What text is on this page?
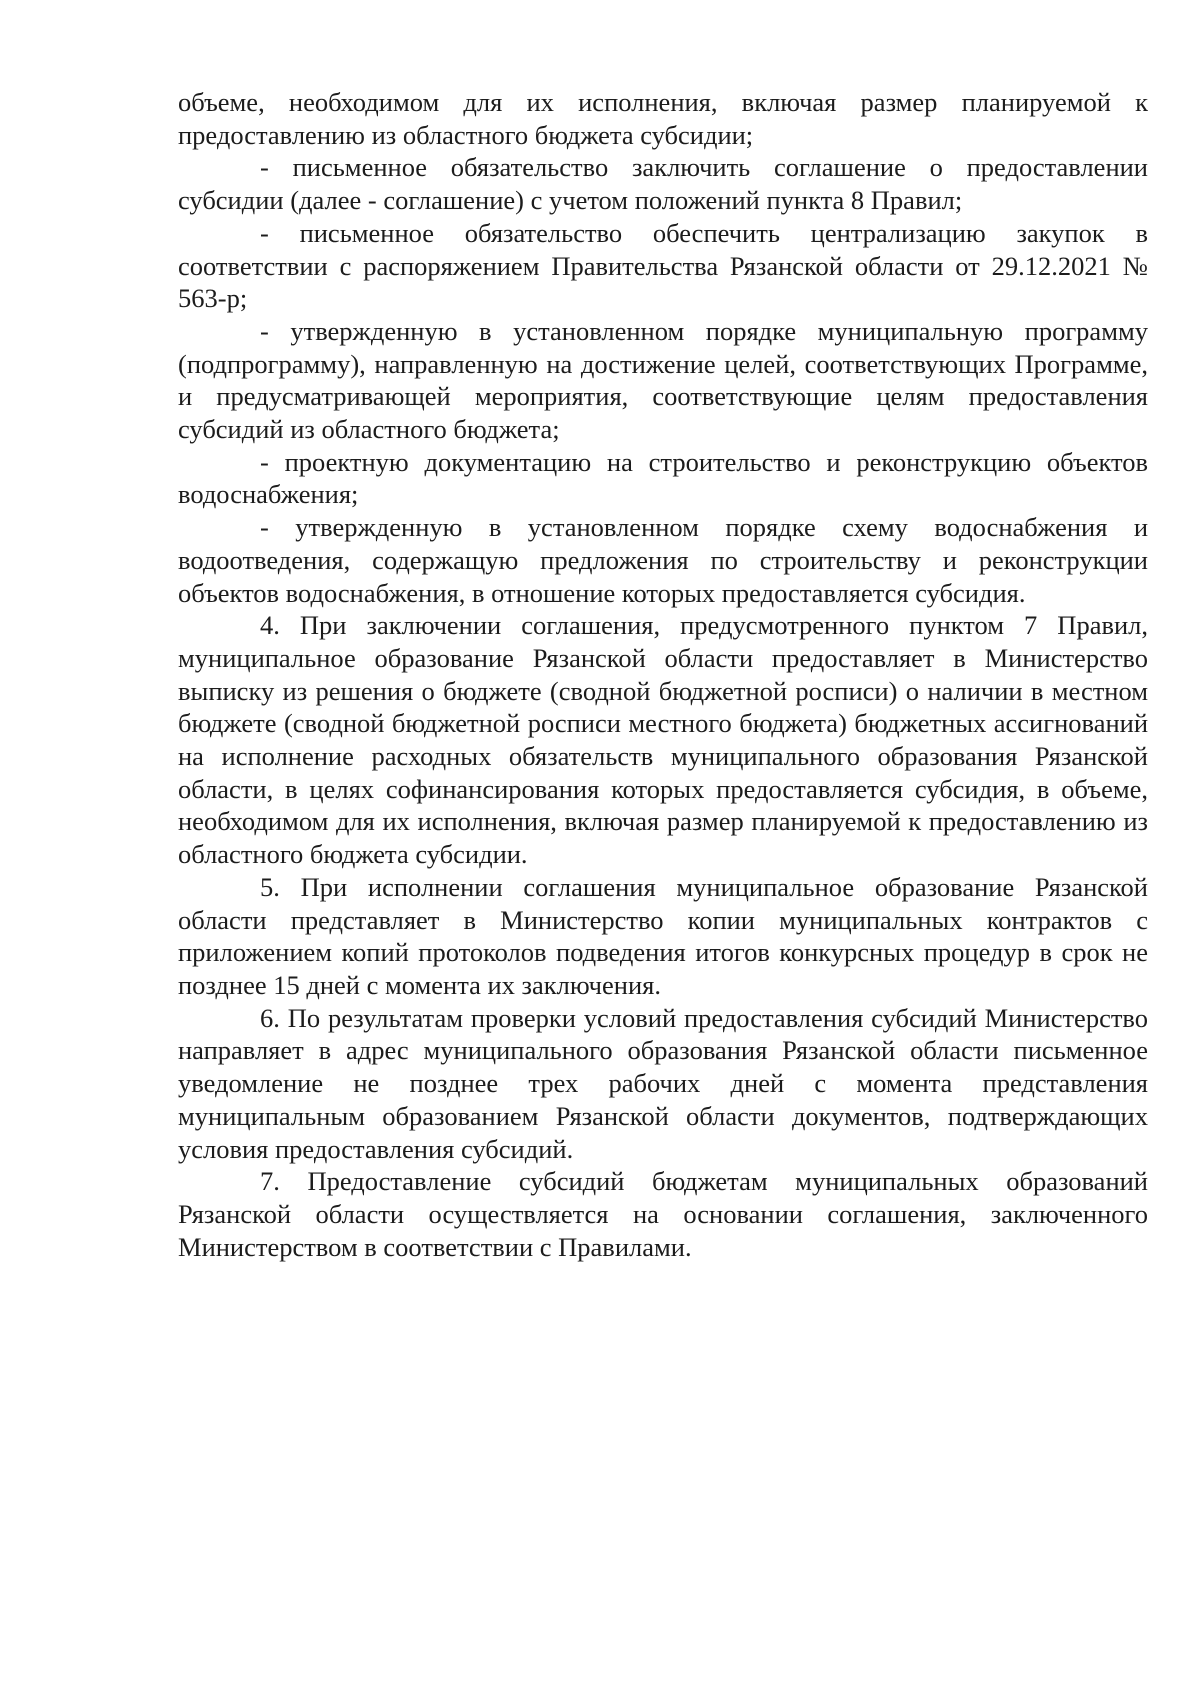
объеме, необходимом для их исполнения, включая размер планируемой к предоставлению из областного бюджета субсидии;

- письменное обязательство заключить соглашение о предоставлении субсидии (далее - соглашение) с учетом положений пункта 8 Правил;

- письменное обязательство обеспечить централизацию закупок в соответствии с распоряжением Правительства Рязанской области от 29.12.2021 № 563-р;

- утвержденную в установленном порядке муниципальную программу (подпрограмму), направленную на достижение целей, соответствующих Программе, и предусматривающей мероприятия, соответствующие целям предоставления субсидий из областного бюджета;

- проектную документацию на строительство и реконструкцию объектов водоснабжения;

- утвержденную в установленном порядке схему водоснабжения и водоотведения, содержащую предложения по строительству и реконструкции объектов водоснабжения, в отношение которых предоставляется субсидия.

4. При заключении соглашения, предусмотренного пунктом 7 Правил, муниципальное образование Рязанской области предоставляет в Министерство выписку из решения о бюджете (сводной бюджетной росписи) о наличии в местном бюджете (сводной бюджетной росписи местного бюджета) бюджетных ассигнований на исполнение расходных обязательств муниципального образования Рязанской области, в целях софинансирования которых предоставляется субсидия, в объеме, необходимом для их исполнения, включая размер планируемой к предоставлению из областного бюджета субсидии.

5. При исполнении соглашения муниципальное образование Рязанской области представляет в Министерство копии муниципальных контрактов с приложением копий протоколов подведения итогов конкурсных процедур в срок не позднее 15 дней с момента их заключения.

6. По результатам проверки условий предоставления субсидий Министерство направляет в адрес муниципального образования Рязанской области письменное уведомление не позднее трех рабочих дней с момента представления муниципальным образованием Рязанской области документов, подтверждающих условия предоставления субсидий.

7. Предоставление субсидий бюджетам муниципальных образований Рязанской области осуществляется на основании соглашения, заключенного Министерством в соответствии с Правилами.
